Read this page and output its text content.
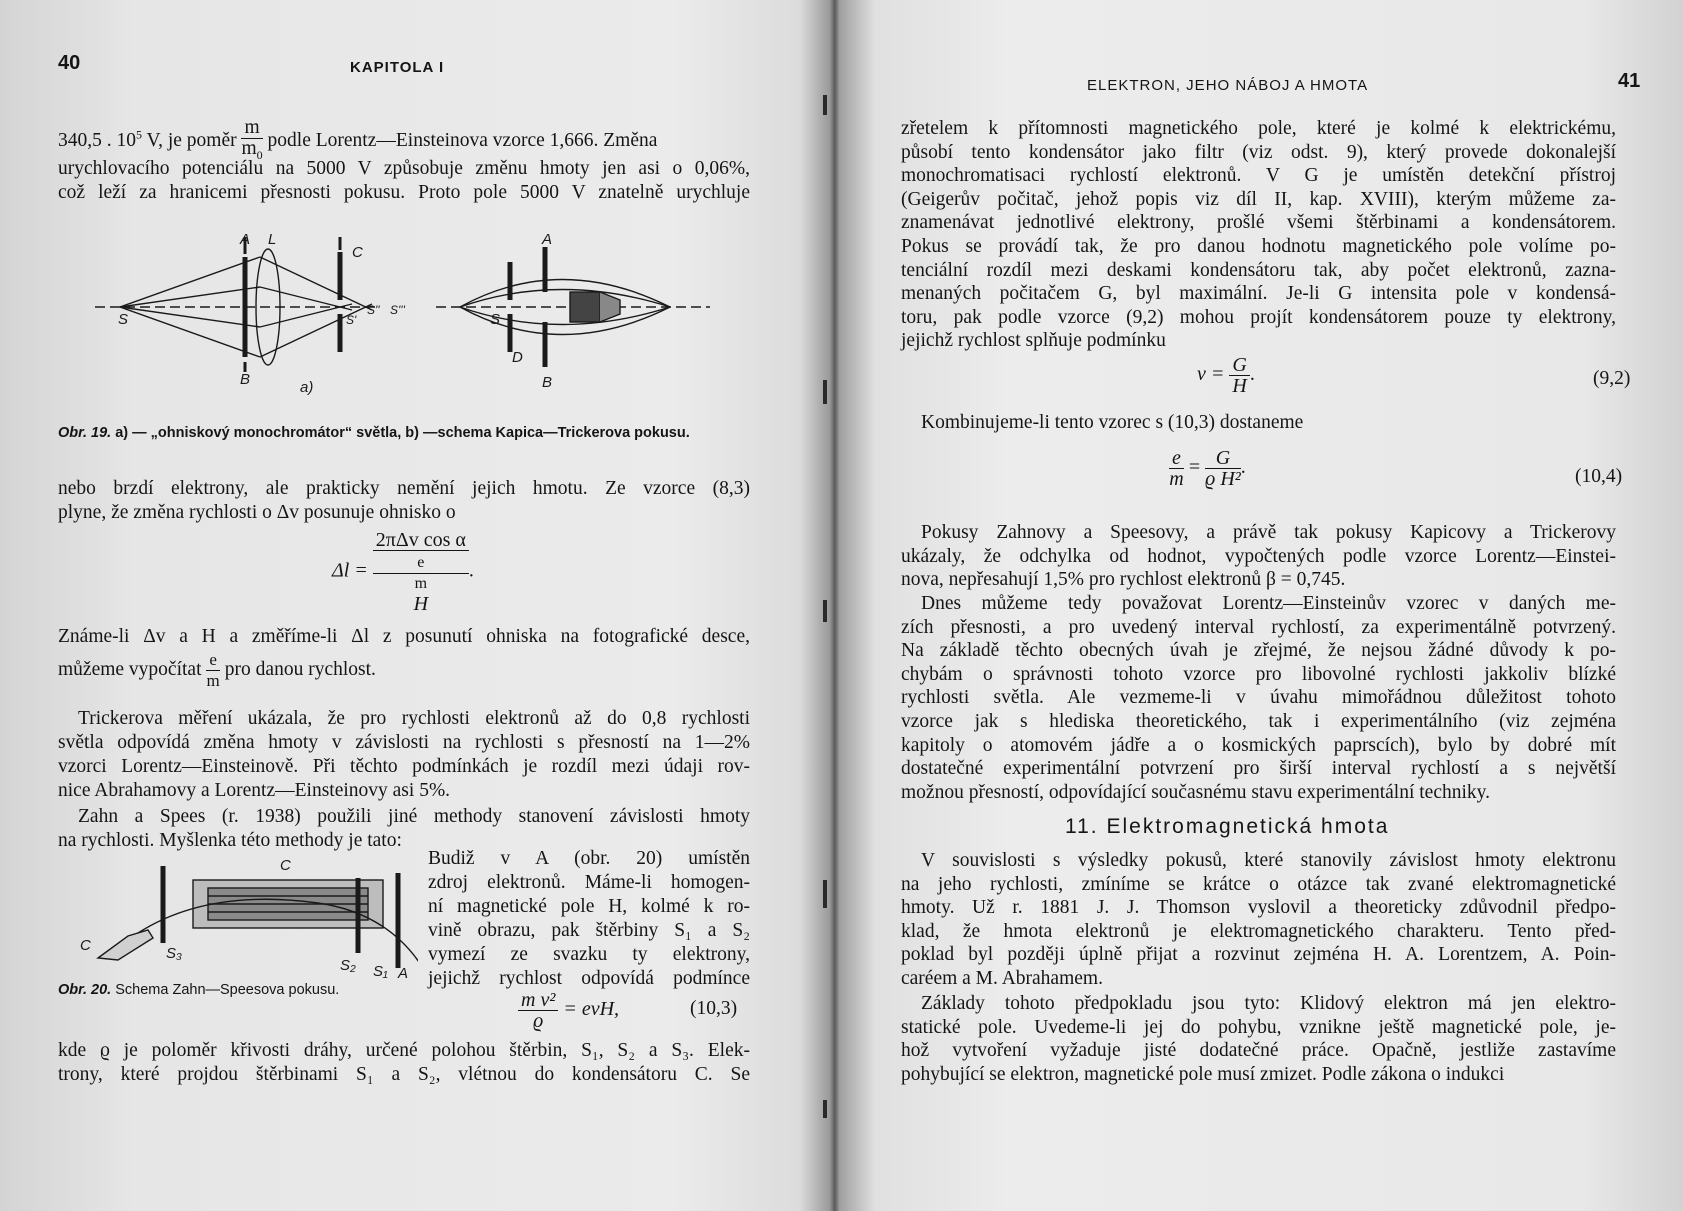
40	KAPITOLA I
340,5 . $10^5$ V, je poměr $\frac{m}{m_0}$ podle Lorentz—Einsteinova vzorce 1,666. Změna
urychlovacího potenciálu na 5000 V způsobuje změnu hmoty jen asi o 0,06%,
což leží za hranicemi přesnosti pokusu. Proto pole 5000 V znatelně urychluje
A L
C
S	S'
S'' S'''
B	a)
A
S
D
B
Obr. 19. a) — „ohniskový monochromátor“ světla, b) —schema Kapica—Trickerova pokusu.
nebo brzdí elektrony, ale prakticky nemění jejich hmotu. Ze vzorce (8,3)
plyne, že změna rychlosti o Δv posunuje ohnisko o
Δl = 2πΔv cos α
e
m
H .
Známe-li Δv a H a změříme-li Δl z posunutí ohniska na fotografické desce,
můžeme vypočítat $\frac{e}{m}$ pro danou rychlost.
Trickerova měření ukázala, že pro rychlosti elektronů až do 0,8 rychlosti
světla odpovídá změna hmoty v závislosti na rychlosti s přesností na 1—2%
vzorci Lorentz—Einsteinově. Při těchto podmínkách je rozdíl mezi údaji rov-
nice Abrahamovy a Lorentz—Einsteinovy asi 5%.
Zahn a Spees (r. 1938) použili jiné methody stanovení závislosti hmoty
na rychlosti. Myšlenka této methody je tato:
C
C	S₃
S₂ S₁ A
Obr. 20. Schema Zahn—Speesova pokusu.
Budiž v A (obr. 20) umístěn
zdroj elektronů. Máme-li homogen-
ní magnetické pole H, kolmé k ro-
vině obrazu, pak štěrbiny S₁ a S₂
vymezí ze svazku ty elektrony,
jejichž rychlost odpovídá podmínce
$\frac{\text{m v²}}{ϱ}$ = evH,	(10,3)
kde ϱ je poloměr křivosti dráhy, určené polohou štěrbin, S₁, S₂ a S₃. Elek-
trony, které projdou štěrbinami S₁ a S₂, vlétnou do kondensátoru C. Se
ELEKTRON, JEHO NÁBOJ A HMOTA	41
zřetelem k přítomnosti magnetického pole, které je kolmé k elektrickému,
působí tento kondensátor jako filtr (viz odst. 9), který provede dokonalejší
monochromatisaci rychlostí elektronů. V G je umístěn detekční přístroj
(Geigerův počitač, jehož popis viz díl II, kap. XVIII), kterým můžeme za-
znamenávat jednotlivé elektrony, prošlé všemi štěrbinami a kondensátorem.
Pokus se provádí tak, že pro danou hodnotu magnetického pole volíme po-
tenciální rozdíl mezi deskami kondensátoru tak, aby počet elektronů, zazna-
menaných počitačem G, byl maximální. Je-li G intensita pole v kondensá-
toru, pak podle vzorce (9,2) mohou projít kondensátorem pouze ty elektrony,
jejichž rychlost splňuje podmínku
$v = \frac{G}{H}$ .	(9,2)
Kombinujeme-li tento vzorec s (10,3) dostaneme
$\frac{e}{m} = \frac{G}{\text{ϱ H²}}$ .	(10,4)
Pokusy Zahnovy a Speesovy, a právě tak pokusy Kapicovy a Trickerovy
ukázaly, že odchylka od hodnot, vypočtených podle vzorce Lorentz—Einstei-
nova, nepřesahují 1,5% pro rychlost elektronů β = 0,745.
Dnes můžeme tedy považovat Lorentz—Einsteinův vzorec v daných me-
zích přesnosti, a pro uvedený interval rychlostí, za experimentálně potvrzený.
Na základě těchto obecných úvah je zřejmé, že nejsou žádné důvody k po-
chybám o správnosti tohoto vzorce pro libovolné rychlosti jakkoliv blízké
rychlosti světla. Ale vezmeme-li v úvahu mimořádnou důležitost tohoto
vzorce jak s hlediska theoretického, tak i experimentálního (viz zejména
kapitoly o atomovém jádře a o kosmických paprscích), bylo by dobré mít
dostatečné experimentální potvrzení pro širší interval rychlostí a s největší
možnou přesností, odpovídající současnému stavu experimentální techniky.
11. Elektromagnetická hmota
V souvislosti s výsledky pokusů, které stanovily závislost hmoty elektronu
na jeho rychlosti, zmíníme se krátce o otázce tak zvané elektromagnetické
hmoty. Už r. 1881 J. J. Thomson vyslovil a theoreticky zdůvodnil předpo-
klad, že hmota elektronů je elektromagnetického charakteru. Tento před-
poklad byl později úplně přijat a rozvinut zejména H. A. Lorentzem, A. Poin-
caréem a M. Abrahamem.
Základy tohoto předpokladu jsou tyto: Klidový elektron má jen elektro-
statické pole. Uvedeme-li jej do pohybu, vznikne ještě magnetické pole, je-
hož vytvoření vyžaduje jisté dodatečné práce. Opačně, jestliže zastavíme
pohybující se elektron, magnetické pole musí zmizet. Podle zákona o indukci
